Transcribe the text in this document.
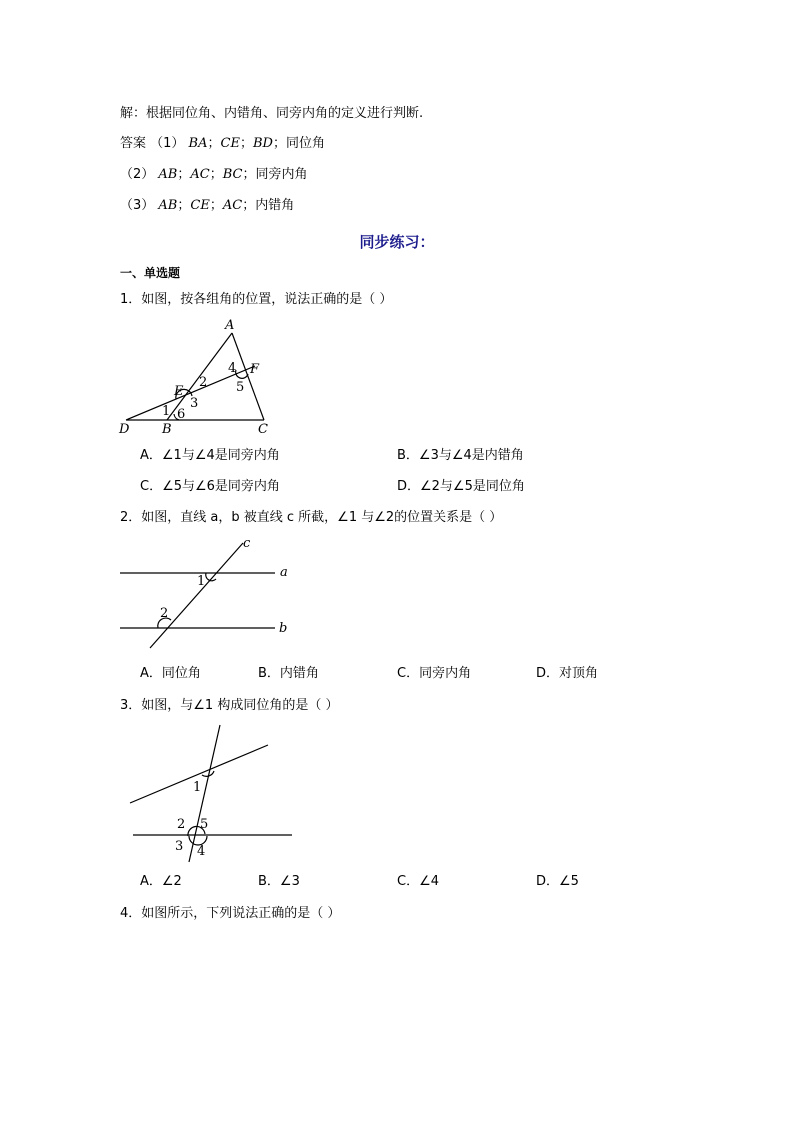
解：根据同位角、内错角、同旁内角的定义进行判断.
答案 （1） BA；CE；BD；同位角
（2） AB；AC；BC；同旁内角
（3） AB；CE；AC；内错角
同步练习：
一、单选题
1．如图，按各组角的位置，说法正确的是（ ）
A
F
E
D	B	C
2
3
4
5
1 6
A．∠1与∠4是同旁内角	B．∠3与∠4是内错角
C．∠5与∠6是同旁内角	D．∠2与∠5是同位角
2．如图，直线 a，b 被直线 c 所截，∠1 与∠2的位置关系是（ ）
a
b
c
1
2
A．同位角	B．内错角	C．同旁内角	D．对顶角
3．如图，与∠1 构成同位角的是（ ）
1
2
3 4
5
A．∠2	B．∠3	C．∠4	D．∠5
4．如图所示，下列说法正确的是（ ）
